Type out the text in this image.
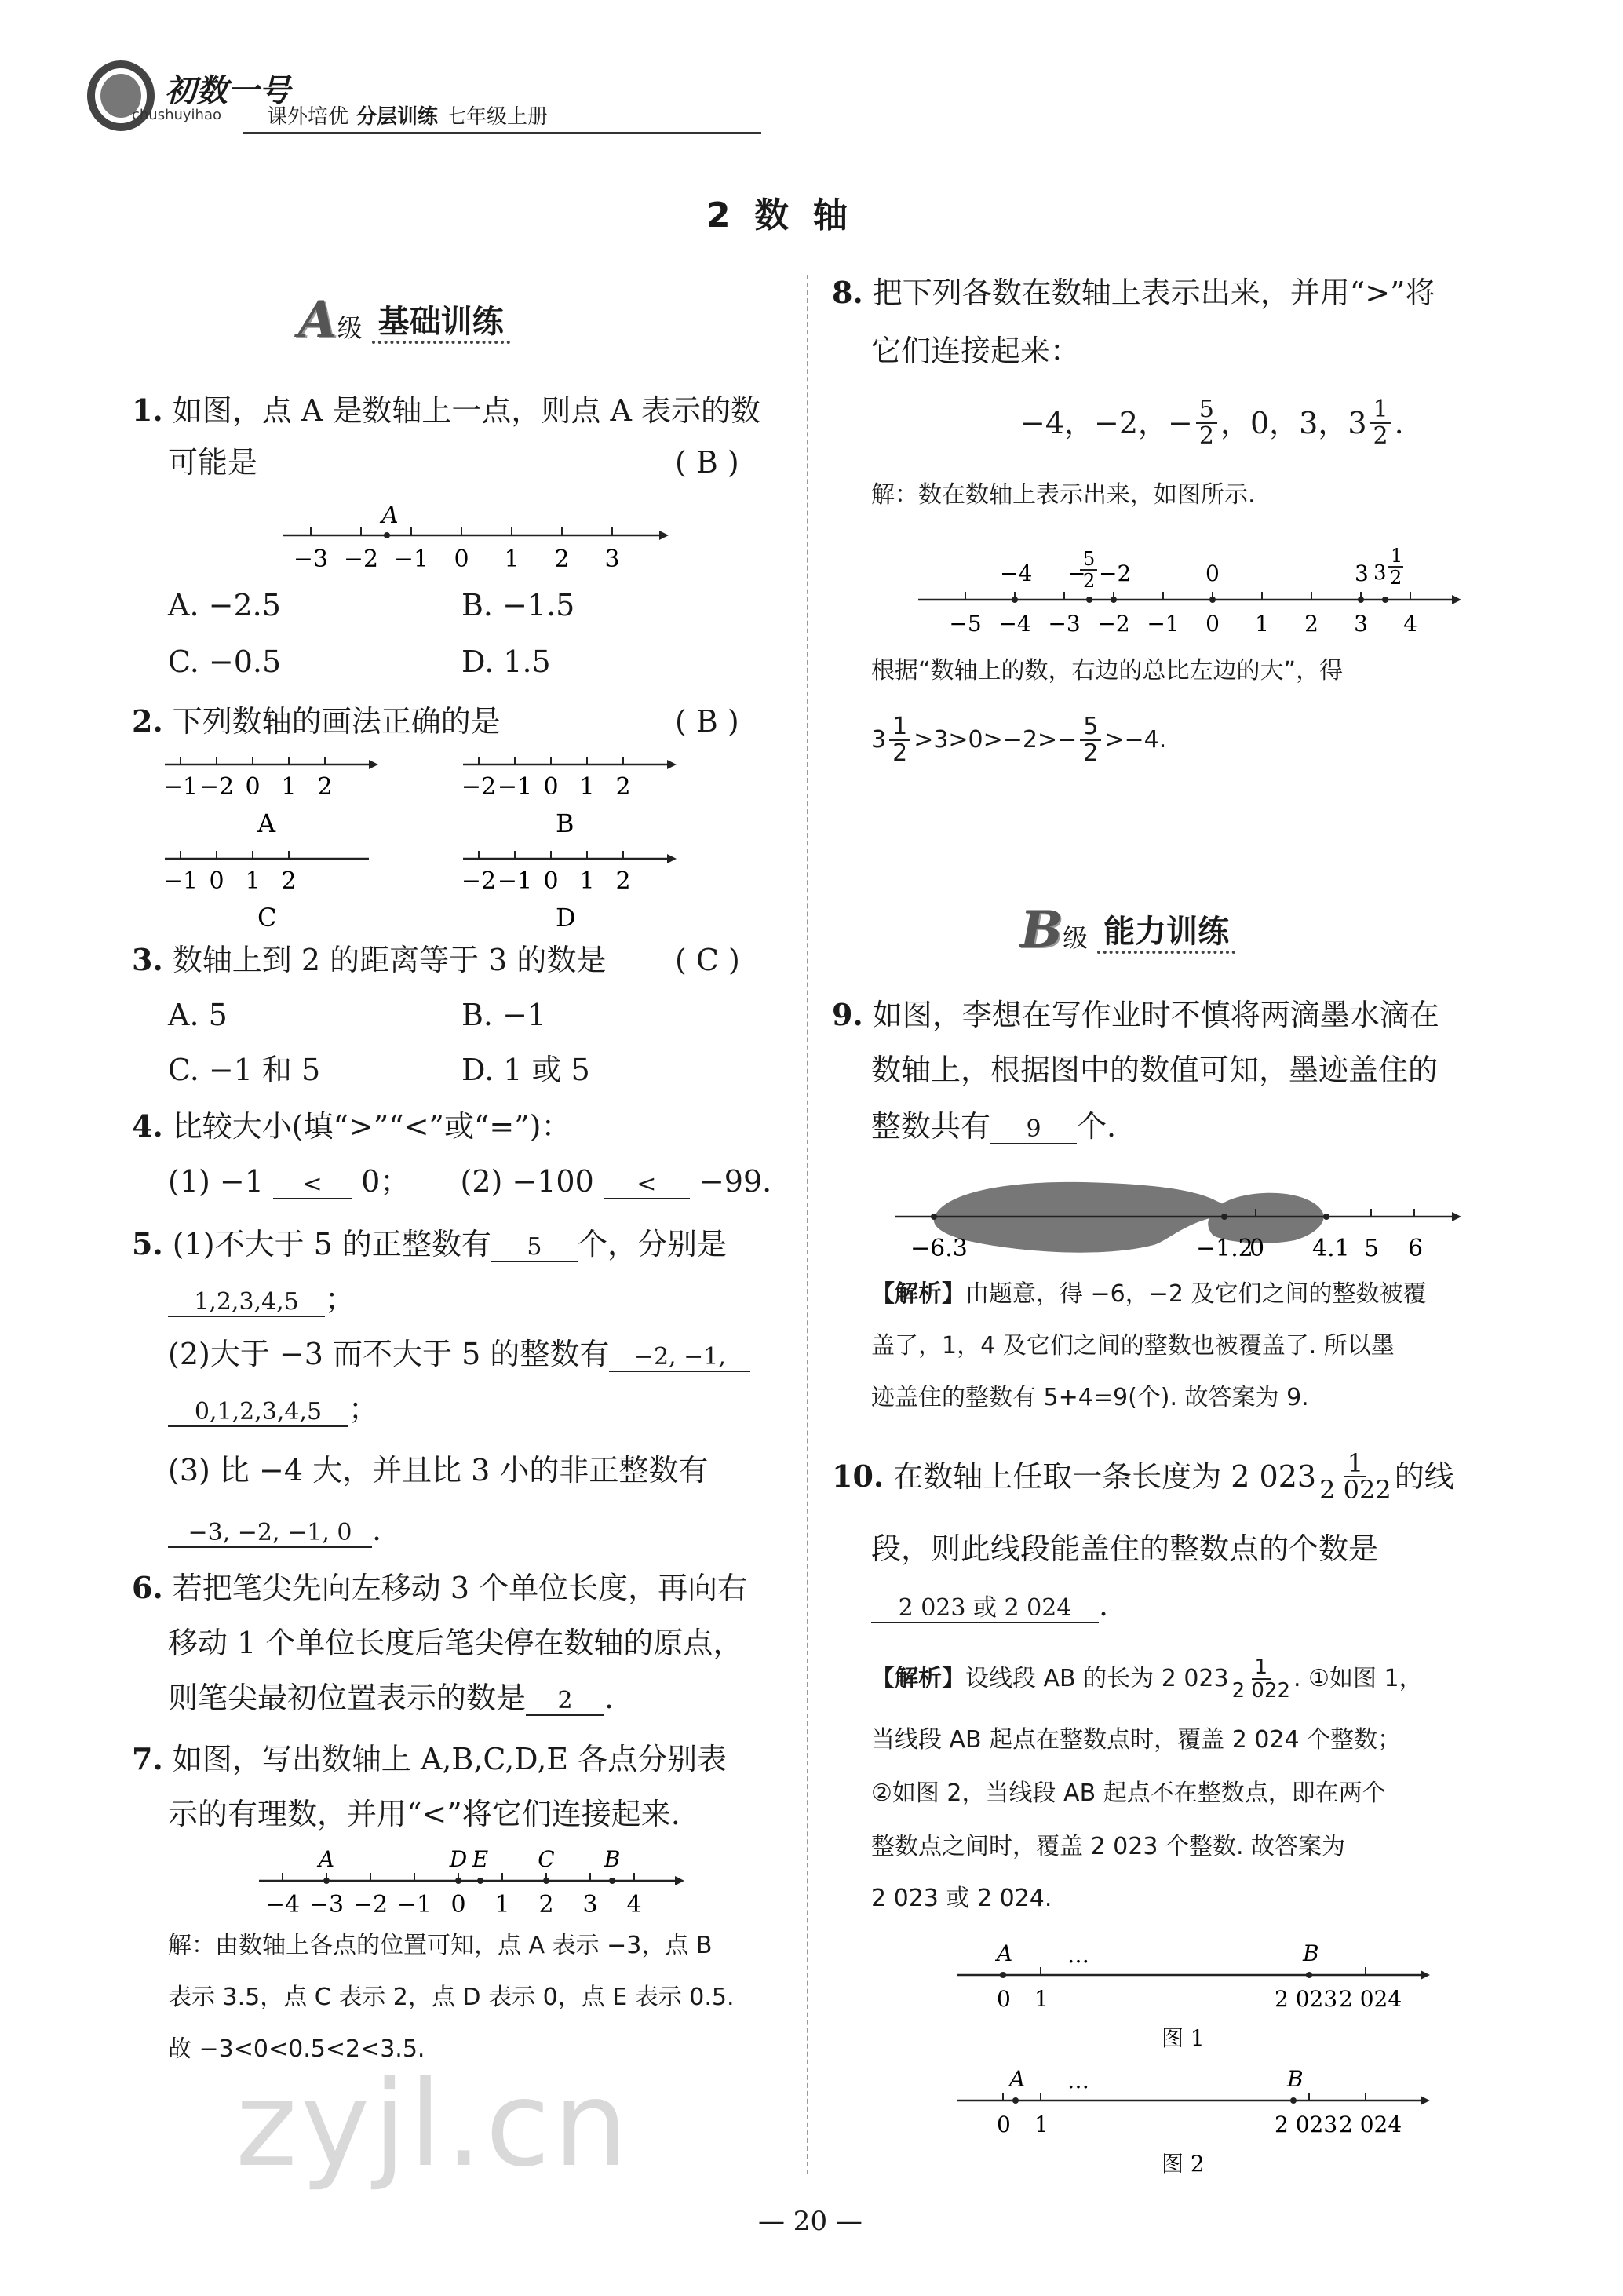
初数一号
chushuyihao 课外培优 分层训练 七年级上册
2  数  轴
A 级 基础训练
1. 如图，点 A 是数轴上一点，则点 A 表示的数
可能是	( B )
−3 −2 −1 0 1 2 3
A
A. −2.5	B. −1.5
C. −0.5	D. 1.5
2. 下列数轴的画法正确的是	( B )
−1 −2 0 1 2
A
−2 −1 0 1 2
B
−1 0 1 2
C
−2 −1 0 1 2
D
3. 数轴上到 2 的距离等于 3 的数是 ( C )
A. 5	B. −1
C. −1 和 5	D. 1 或 5
4. 比较大小(填“>”“<”或“=”)：
(1) −1 < 0； (2) −100 < −99.
5. (1)不大于 5 的正整数有 5 个，分别是
1,2,3,4,5 ；
(2)大于 −3 而不大于 5 的整数有 −2, −1,
0,1,2,3,4,5 ；
(3) 比 −4 大，并且比 3 小的非正整数有
−3, −2, −1, 0 .
6. 若把笔尖先向左移动 3 个单位长度，再向右
移动 1 个单位长度后笔尖停在数轴的原点，
则笔尖最初位置表示的数是 2 .
7. 如图，写出数轴上 A,B,C,D,E 各点分别表
示的有理数，并用“<”将它们连接起来.
−4 −3 −2 −1 0 1 2 3 4
A	D E C B
解：由数轴上各点的位置可知，点 A 表示 −3，点 B
表示 3.5，点 C 表示 2，点 D 表示 0，点 E 表示 0.5.
故 −3<0<0.5<2<3.5.
8. 把下列各数在数轴上表示出来，并用“>”将
它们连接起来：
−4，−2，− $\frac{5}{2}$ ，0，3，$3 \frac{1}{2}$ .
解：数在数轴上表示出来，如图所示.
−5 −4 −3 −2 −1 0 1 2 3 4
−4 −
5
2 −2	0	3 3
1
2
根据“数轴上的数，右边的总比左边的大”，得
$3 \frac{1}{2} >3>0>-2>- \frac{5}{2} >-4$.
B 级 能力训练
9. 如图，李想在写作业时不慎将两滴墨水滴在
数轴上，根据图中的数值可知，墨迹盖住的
整数共有 9 个.
−6.3	−1.2
0 4.1 5 6
【解析】由题意，得 −6，−2 及它们之间的整数被覆
盖了，1，4 及它们之间的整数也被覆盖了. 所以墨
迹盖住的整数有 5+4=9(个). 故答案为 9.
10.
在数轴上任取一条长度为 2 $023 \frac{1}{2 022}$ 的线
段，则此线段能盖住的整数点的个数是
2 023 或 2 024 .
【解析】 设线段 AB 的长为 2 $023 \frac{1}{2 022}$ . ①如图 1，
当线段 AB 起点在整数点时，覆盖 2 024 个整数；
②如图 2，当线段 AB 起点不在整数点，即在两个
整数点之间时，覆盖 2 023 个整数. 故答案为
2 023 或 2 024.
A …	B
0 1	2 023 2 024
图 1
A …	B
0 1	2 023 2 024
图 2
— 20 —
zyjl.cn
